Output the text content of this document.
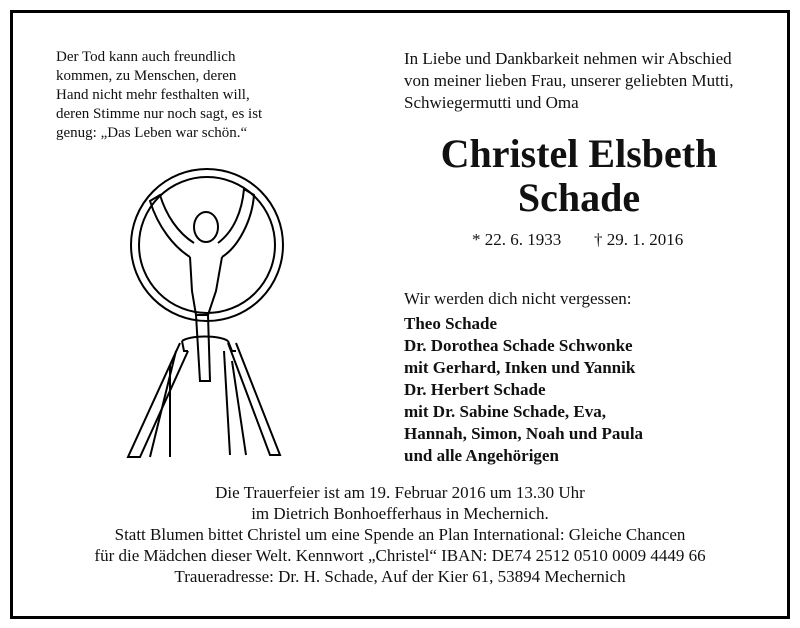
Der Tod kann auch freundlich
kommen, zu Menschen, deren
Hand nicht mehr festhalten will,
deren Stimme nur noch sagt, es ist
genug: „Das Leben war schön.“
In Liebe und Dankbarkeit nehmen wir Abschied
von meiner lieben Frau, unserer geliebten Mutti,
Schwiegermutti und Oma
Christel Elsbeth
Schade
* 22. 6. 1933 † 29. 1. 2016
Wir werden dich nicht vergessen:
Theo Schade
Dr. Dorothea Schade Schwonke
mit Gerhard, Inken und Yannik
Dr. Herbert Schade
mit Dr. Sabine Schade, Eva,
Hannah, Simon, Noah und Paula
und alle Angehörigen
Die Trauerfeier ist am 19. Februar 2016 um 13.30 Uhr
im Dietrich Bonhoefferhaus in Mechernich.
Statt Blumen bittet Christel um eine Spende an Plan International: Gleiche Chancen
für die Mädchen dieser Welt. Kennwort „Christel“ IBAN: DE74 2512 0510 0009 4449 66
Traueradresse: Dr. H. Schade, Auf der Kier 61, 53894 Mechernich
